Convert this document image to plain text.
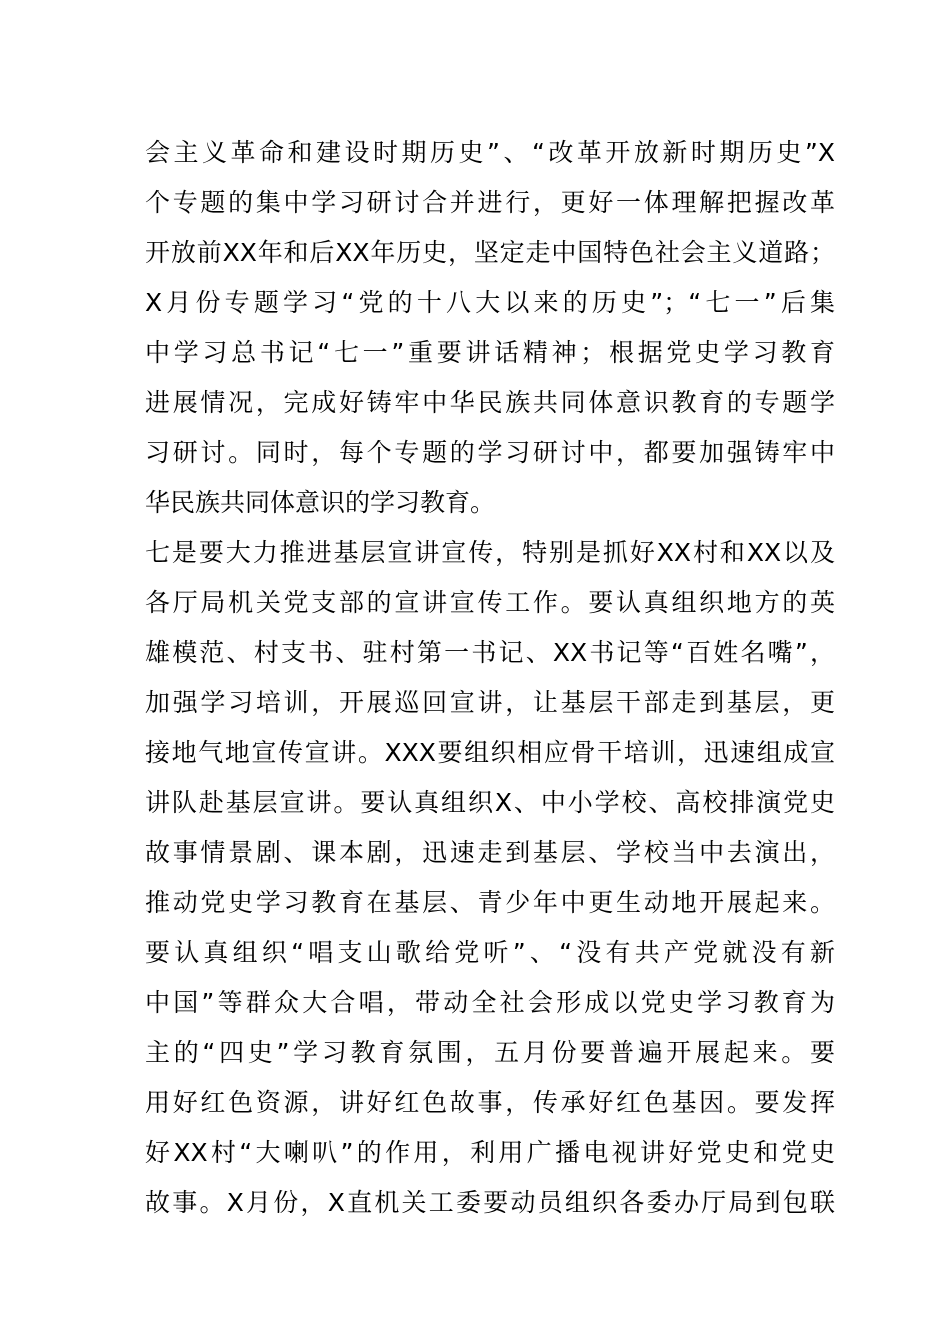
会主义革命和建设时期历史”、“改革开放新时期历史”X
个专题的集中学习研讨合并进行，更好一体理解把握改革
开放前XX年和后XX年历史，坚定走中国特色社会主义道路；
X月份专题学习“党的十八大以来的历史”；“七一”后集
中学习总书记“七一”重要讲话精神；根据党史学习教育
进展情况，完成好铸牢中华民族共同体意识教育的专题学
习研讨。同时，每个专题的学习研讨中，都要加强铸牢中
华民族共同体意识的学习教育。
七是要大力推进基层宣讲宣传，特别是抓好XX村和XX以及
各厅局机关党支部的宣讲宣传工作。要认真组织地方的英
雄模范、村支书、驻村第一书记、XX书记等“百姓名嘴”，
加强学习培训，开展巡回宣讲，让基层干部走到基层，更
接地气地宣传宣讲。XXX要组织相应骨干培训，迅速组成宣
讲队赴基层宣讲。要认真组织X、中小学校、高校排演党史
故事情景剧、课本剧，迅速走到基层、学校当中去演出，
推动党史学习教育在基层、青少年中更生动地开展起来。
要认真组织“唱支山歌给党听”、“没有共产党就没有新
中国”等群众大合唱，带动全社会形成以党史学习教育为
主的“四史”学习教育氛围，五月份要普遍开展起来。要
用好红色资源，讲好红色故事，传承好红色基因。要发挥
好XX村“大喇叭”的作用，利用广播电视讲好党史和党史
故事。X月份，X直机关工委要动员组织各委办厅局到包联
